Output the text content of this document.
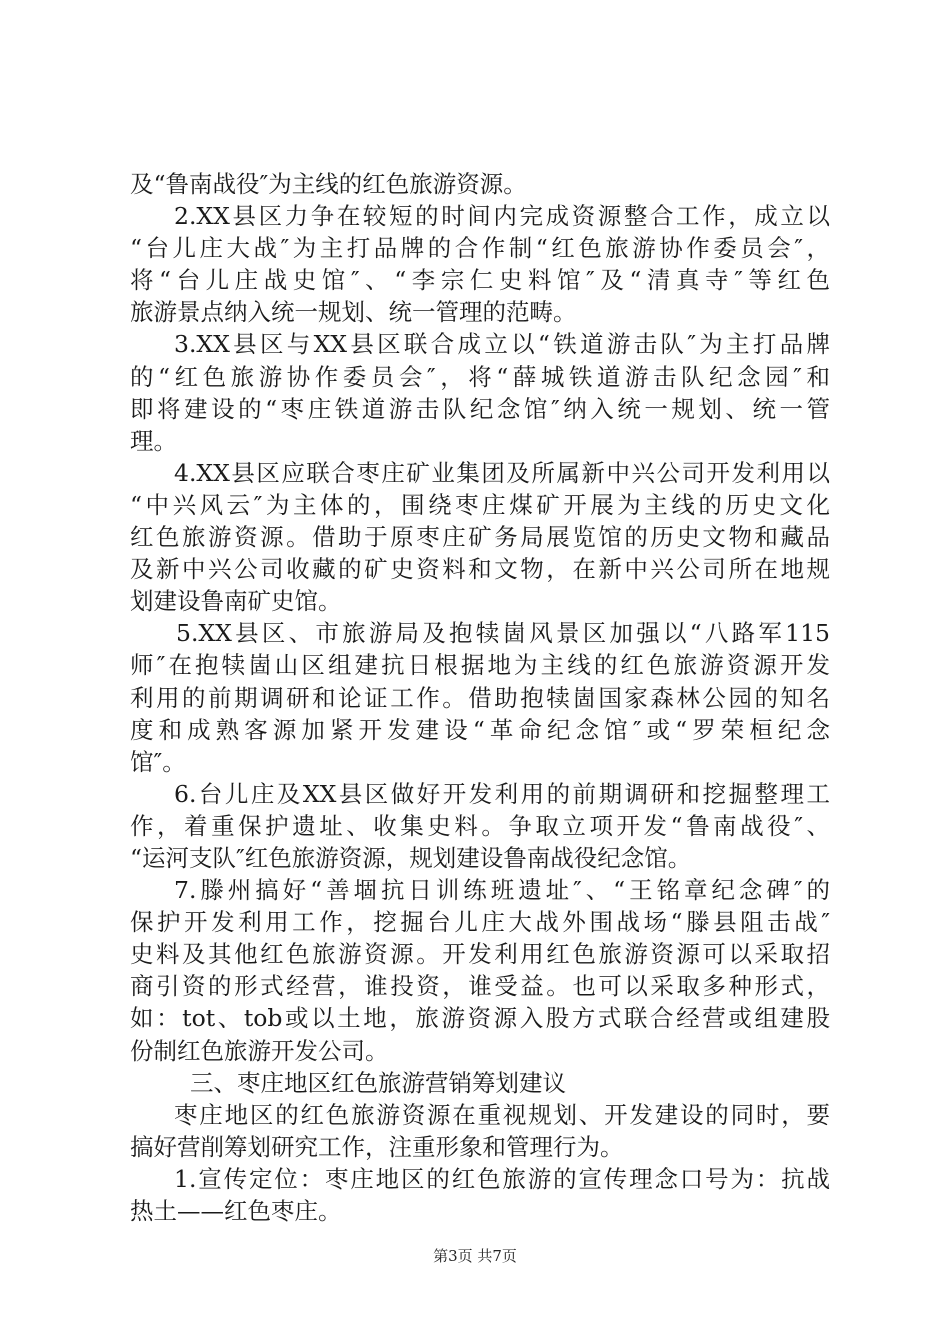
及“鲁南战役″为主线的红色旅游资源。
2.XX县区力争在较短的时间内完成资源整合工作，成立以
“台儿庄大战″为主打品牌的合作制“红色旅游协作委员会″，
将“台儿庄战史馆″、“李宗仁史料馆″及“清真寺″等红色
旅游景点纳入统一规划、统一管理的范畴。
3.XX县区与XX县区联合成立以“铁道游击队″为主打品牌
的“红色旅游协作委员会″，将“薛城铁道游击队纪念园″和
即将建设的“枣庄铁道游击队纪念馆″纳入统一规划、统一管
理。
4.XX县区应联合枣庄矿业集团及所属新中兴公司开发利用以
“中兴风云″为主体的，围绕枣庄煤矿开展为主线的历史文化
红色旅游资源。借助于原枣庄矿务局展览馆的历史文物和藏品
及新中兴公司收藏的矿史资料和文物，在新中兴公司所在地规
划建设鲁南矿史馆。
5.XX县区、市旅游局及抱犊崮风景区加强以“八路军115
师″在抱犊崮山区组建抗日根据地为主线的红色旅游资源开发
利用的前期调研和论证工作。借助抱犊崮国家森林公园的知名
度和成熟客源加紧开发建设“革命纪念馆″或“罗荣桓纪念
馆″。
6.台儿庄及XX县区做好开发利用的前期调研和挖掘整理工
作，着重保护遗址、收集史料。争取立项开发“鲁南战役″、
“运河支队″红色旅游资源，规划建设鲁南战役纪念馆。
7.滕州搞好“善堌抗日训练班遗址″、“王铭章纪念碑″的
保护开发利用工作，挖掘台儿庄大战外围战场“滕县阻击战″
史料及其他红色旅游资源。开发利用红色旅游资源可以采取招
商引资的形式经营，谁投资，谁受益。也可以采取多种形式，
如：tot、tob或以土地，旅游资源入股方式联合经营或组建股
份制红色旅游开发公司。
三、枣庄地区红色旅游营销筹划建议
枣庄地区的红色旅游资源在重视规划、开发建设的同时，要
搞好营削筹划研究工作，注重形象和管理行为。
1.宣传定位：枣庄地区的红色旅游的宣传理念口号为：抗战
热土——红色枣庄。
第3页 共7页
